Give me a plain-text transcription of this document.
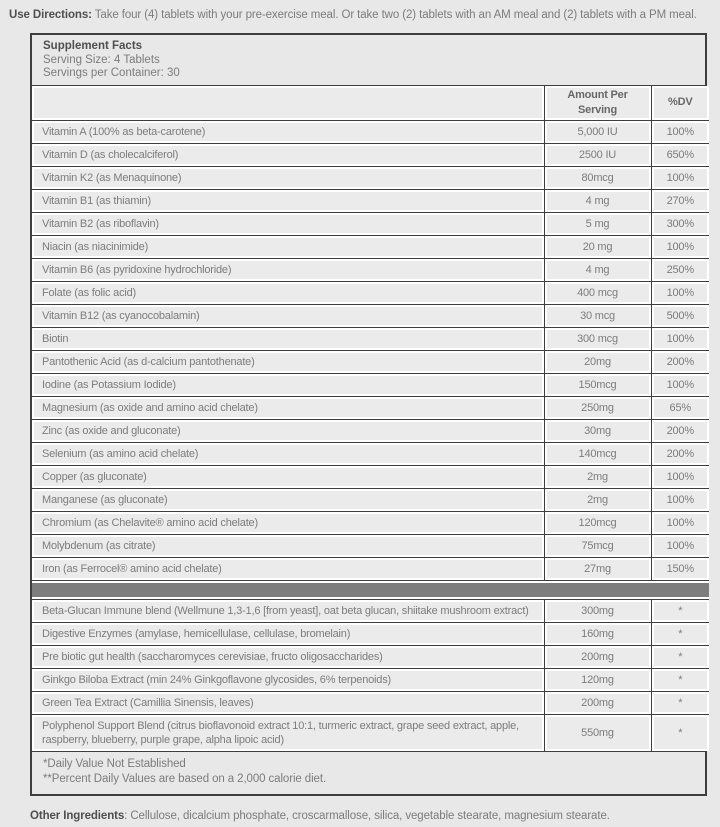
Use Directions: Take four (4) tablets with your pre-exercise meal. Or take two (2) tablets with an AM meal and (2) tablets with a PM meal.
Supplement Facts
Serving Size: 4 Tablets
Servings per Container: 30
	Amount Per Serving	%DV
Vitamin A (100% as beta-carotene)	5,000 IU	100%
Vitamin D (as cholecalciferol)	2500 IU	650%
Vitamin K2 (as Menaquinone)	80mcg	100%
Vitamin B1 (as thiamin)	4 mg	270%
Vitamin B2 (as riboflavin)	5 mg	300%
Niacin (as niacinimide)	20 mg	100%
Vitamin B6 (as pyridoxine hydrochloride)	4 mg	250%
Folate (as folic acid)	400 mcg	100%
Vitamin B12 (as cyanocobalamin)	30 mcg	500%
Biotin	300 mcg	100%
Pantothenic Acid (as d-calcium pantothenate)	20mg	200%
Iodine (as Potassium Iodide)	150mcg	100%
Magnesium (as oxide and amino acid chelate)	250mg	65%
Zinc (as oxide and gluconate)	30mg	200%
Selenium (as amino acid chelate)	140mcg	200%
Copper (as gluconate)	2mg	100%
Manganese (as gluconate)	2mg	100%
Chromium (as Chelavite® amino acid chelate)	120mcg	100%
Molybdenum (as citrate)	75mcg	100%
Iron (as Ferrocel® amino acid chelate)	27mg	150%

Beta-Glucan Immune blend (Wellmune 1,3-1,6 [from yeast], oat beta glucan, shiitake mushroom extract)	300mg	*
Digestive Enzymes (amylase, hemicellulase, cellulase, bromelain)	160mg	*
Pre biotic gut health (saccharomyces cerevisiae, fructo oligosaccharides)	200mg	*
Ginkgo Biloba Extract (min 24% Ginkgoflavone glycosides, 6% terpenoids)	120mg	*
Green Tea Extract (Camillia Sinensis, leaves)	200mg	*
Polyphenol Support Blend (citrus bioflavonoid extract 10:1, turmeric extract, grape seed extract, apple, raspberry, blueberry, purple grape, alpha lipoic acid)	550mg	*
*Daily Value Not Established
**Percent Daily Values are based on a 2,000 calorie diet.
Other Ingredients: Cellulose, dicalcium phosphate, croscarmallose, silica, vegetable stearate, magnesium stearate.
